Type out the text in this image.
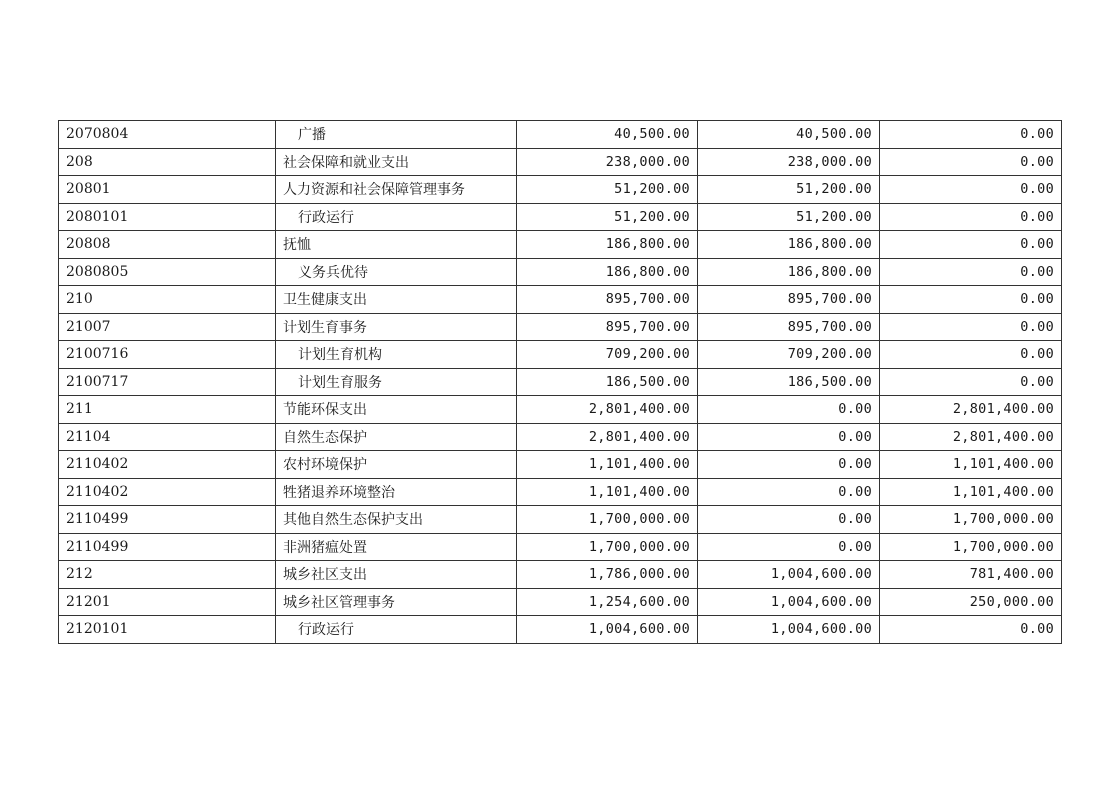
2070804	广播	40,500.00	40,500.00	0.00
208	社会保障和就业支出	238,000.00	238,000.00	0.00
20801	人力资源和社会保障管理事务	51,200.00	51,200.00	0.00
2080101	行政运行	51,200.00	51,200.00	0.00
20808	抚恤	186,800.00	186,800.00	0.00
2080805	义务兵优待	186,800.00	186,800.00	0.00
210	卫生健康支出	895,700.00	895,700.00	0.00
21007	计划生育事务	895,700.00	895,700.00	0.00
2100716	计划生育机构	709,200.00	709,200.00	0.00
2100717	计划生育服务	186,500.00	186,500.00	0.00
211	节能环保支出	2,801,400.00	0.00	2,801,400.00
21104	自然生态保护	2,801,400.00	0.00	2,801,400.00
2110402	农村环境保护	1,101,400.00	0.00	1,101,400.00
2110402	牲猪退养环境整治	1,101,400.00	0.00	1,101,400.00
2110499	其他自然生态保护支出	1,700,000.00	0.00	1,700,000.00
2110499	非洲猪瘟处置	1,700,000.00	0.00	1,700,000.00
212	城乡社区支出	1,786,000.00	1,004,600.00	781,400.00
21201	城乡社区管理事务	1,254,600.00	1,004,600.00	250,000.00
2120101	行政运行	1,004,600.00	1,004,600.00	0.00
